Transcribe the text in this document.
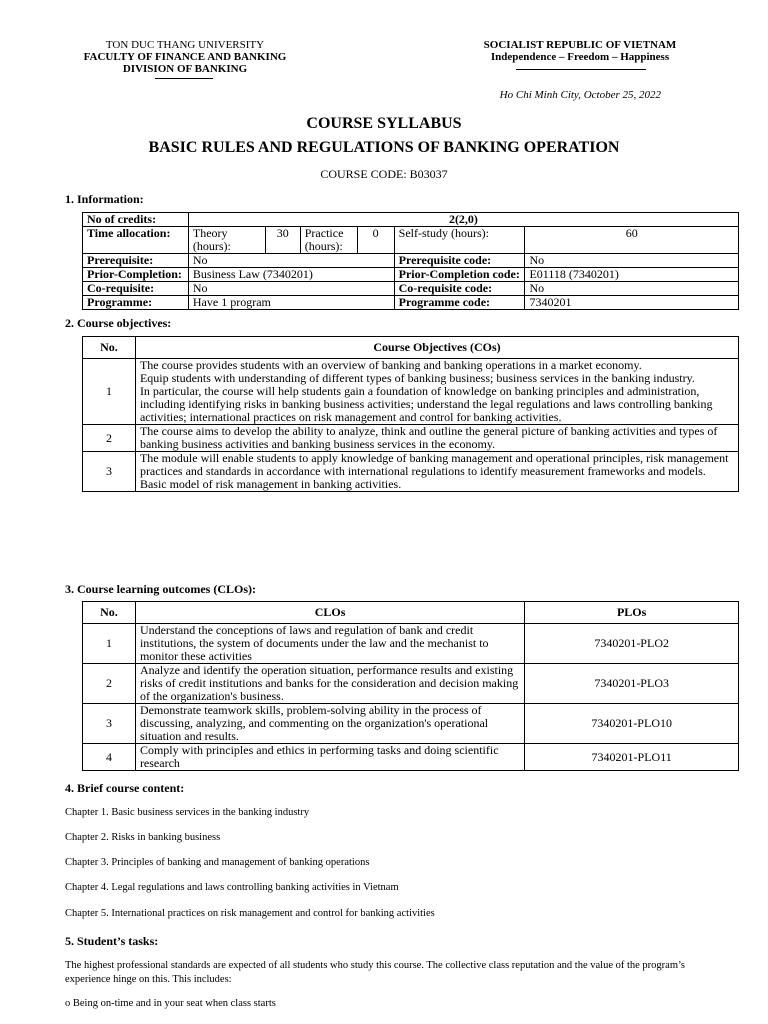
TON DUC THANG UNIVERSITY
FACULTY OF FINANCE AND BANKING
DIVISION OF BANKING
SOCIALIST REPUBLIC OF VIETNAM
Independence – Freedom – Happiness
Ho Chi Minh City, October 25, 2022
COURSE SYLLABUS
BASIC RULES AND REGULATIONS OF BANKING OPERATION
COURSE CODE: B03037
1. Information:
No of credits:	2(2,0)					
Time allocation:	Theory (hours):	30	Practice (hours):	0	Self-study (hours):	60
Prerequisite:	No				Prerequisite code:	No
Prior-Completion:	Business Law (7340201)				Prior-Completion code:	E01118 (7340201)
Co-requisite:	No				Co-requisite code:	No
Programme:	Have 1 program				Programme code:	7340201
2. Course objectives:
No.	Course Objectives (COs)
1	The course provides students with an overview of banking and banking operations in a market economy.
Equip students with understanding of different types of banking business; business services in the banking industry.
In particular, the course will help students gain a foundation of knowledge on banking principles and administration, including identifying risks in banking business activities; understand the legal regulations and laws controlling banking activities; international practices on risk management and control for banking activities.

2	The course aims to develop the ability to analyze, think and outline the general picture of banking activities and types of banking business activities and banking business services in the economy.
3	The module will enable students to apply knowledge of banking management and operational principles, risk management practices and standards in accordance with international regulations to identify measurement frameworks and models. Basic model of risk management in banking activities.
3. Course learning outcomes (CLOs):
No.	CLOs	PLOs
1	Understand the conceptions of laws and regulation of bank and credit institutions, the system of documents under the law and the mechanist to monitor these activities	7340201-PLO2
2	Analyze and identify the operation situation, performance results and existing risks of credit institutions and banks for the consideration and decision making of the organization's business.	7340201-PLO3
3	Demonstrate teamwork skills, problem-solving ability in the process of discussing, analyzing, and commenting on the organization's operational situation and results.	7340201-PLO10
4	Comply with principles and ethics in performing tasks and doing scientific research	7340201-PLO11
4. Brief course content:
Chapter 1. Basic business services in the banking industry
Chapter 2. Risks in banking business
Chapter 3. Principles of banking and management of banking operations
Chapter 4. Legal regulations and laws controlling banking activities in Vietnam
Chapter 5. International practices on risk management and control for banking activities
5. Student’s tasks:
The highest professional standards are expected of all students who study this course. The collective class reputation and the value of the program’s experience hinge on this. This includes:
o Being on-time and in your seat when class starts
